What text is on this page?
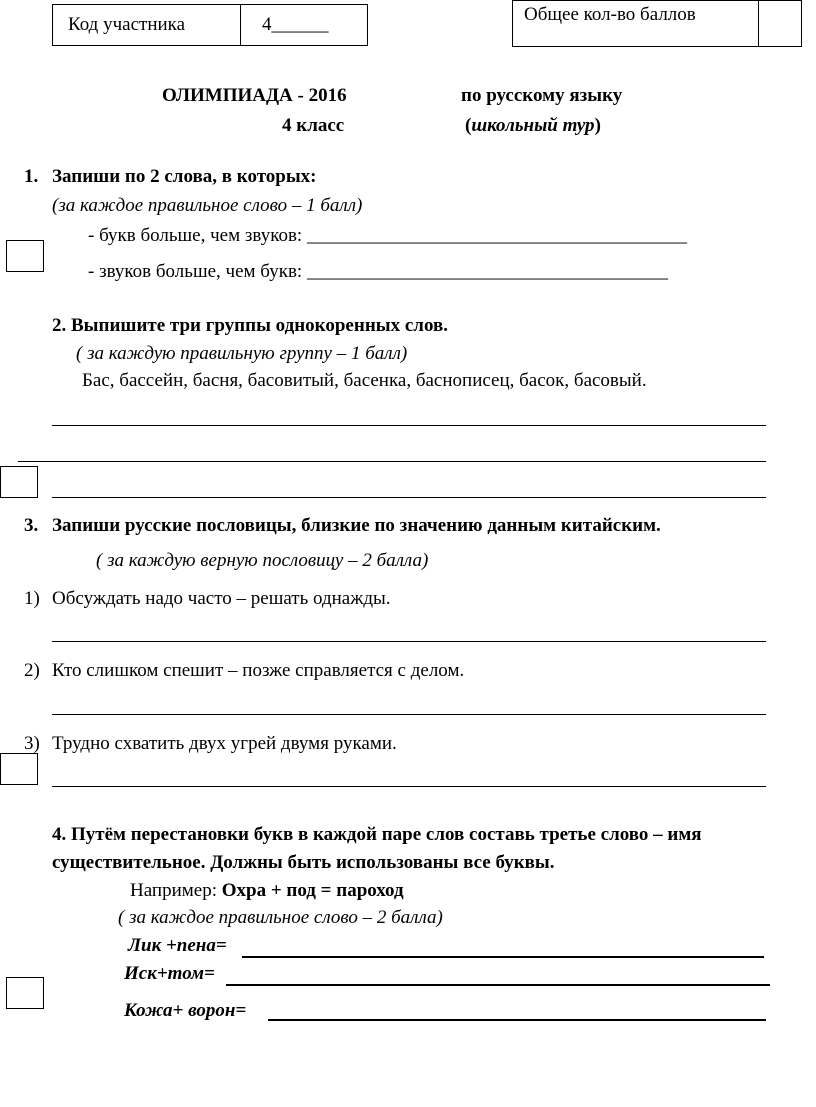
Код участника	4______	Общее кол-во баллов
ОЛИМПИАДА - 2016	по русскому языку
4 класс	(школьный тур)
1. Запиши по 2 слова, в которых:
(за каждое правильное слово – 1 балл)
- букв больше, чем звуков: ________________________________________
- звуков больше, чем букв: ______________________________________
2. Выпишите три группы однокоренных слов.
( за каждую правильную группу – 1 балл)
Бас, бассейн, басня, басовитый, басенка, баснописец, басок, басовый.
3. Запиши русские пословицы, близкие по значению данным китайским.
( за каждую верную пословицу – 2 балла)
1) Обсуждать надо часто – решать однажды.
2) Кто слишком спешит – позже справляется с делом.
3) Трудно схватить двух угрей двумя руками.
4. Путём перестановки букв в каждой паре слов составь третье слово – имя
существительное. Должны быть использованы все буквы.
Например: Охра + под = пароход
( за каждое правильное слово – 2 балла)
Лик +пена=
Иск+том=
Кожа+ ворон=
